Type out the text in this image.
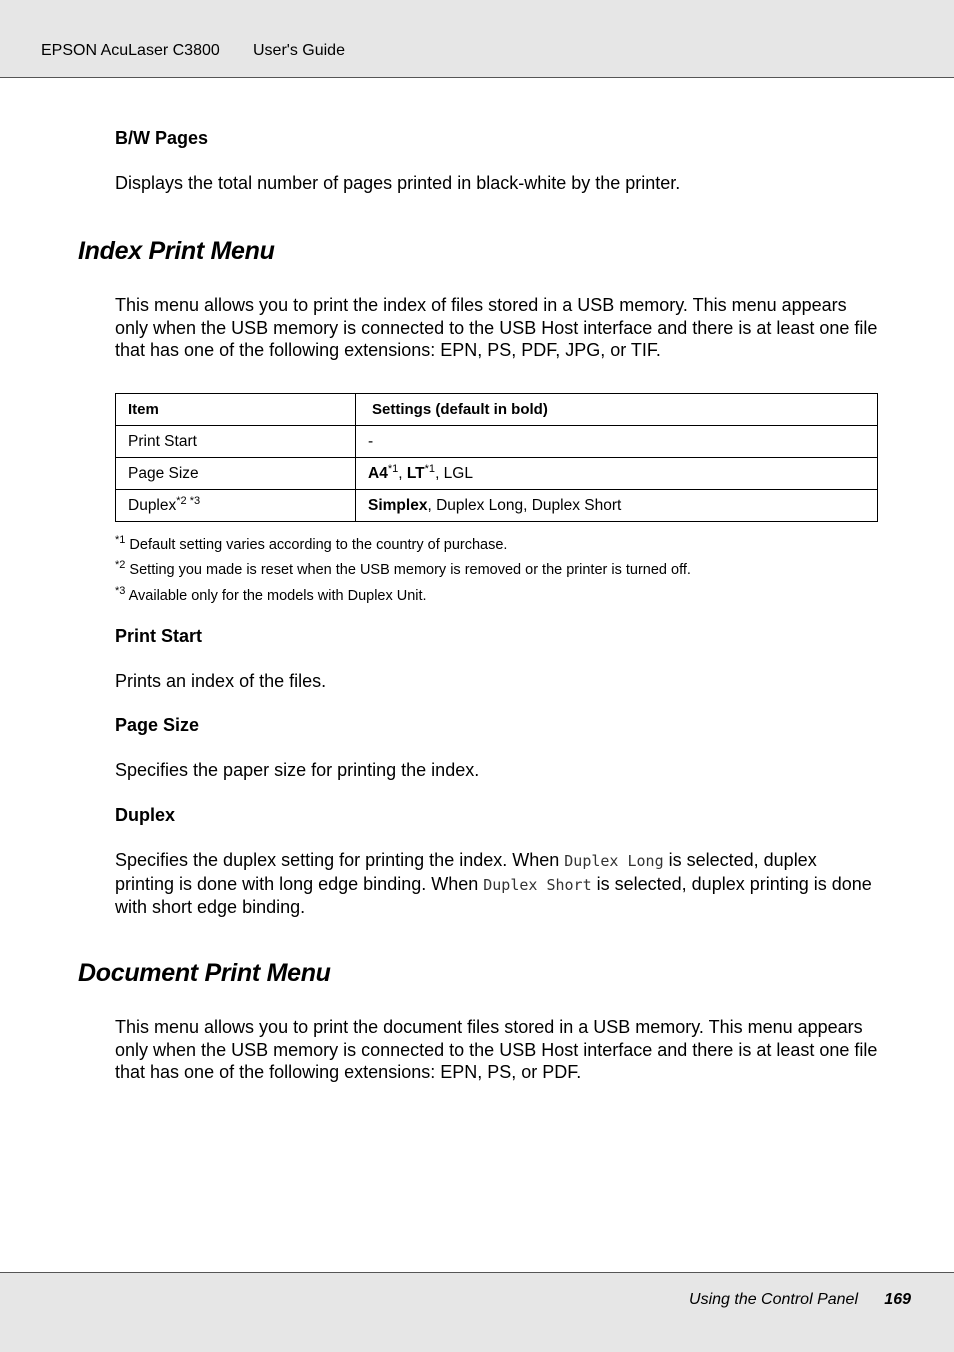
EPSON AcuLaser C3800 User's Guide
B/W Pages
Displays the total number of pages printed in black-white by the printer.
Index Print Menu
This menu allows you to print the index of files stored in a USB memory. This menu appears only when the USB memory is connected to the USB Host interface and there is at least one file that has one of the following extensions: EPN, PS, PDF, JPG, or TIF.
Item	Settings (default in bold)
Print Start	-
Page Size	A4$^{*1}$, LT$^{*1}$, LGL
Duplex$^{*2 *3}$	Simplex, Duplex Long, Duplex Short
$^{*1}$ Default setting varies according to the country of purchase.
$^{*2}$ Setting you made is reset when the USB memory is removed or the printer is turned off.
$^{*3}$ Available only for the models with Duplex Unit.
Print Start
Prints an index of the files.
Page Size
Specifies the paper size for printing the index.
Duplex
Specifies the duplex setting for printing the index. When Duplex Long is selected, duplex printing is done with long edge binding. When Duplex Short is selected, duplex printing is done with short edge binding.
Document Print Menu
This menu allows you to print the document files stored in a USB memory. This menu appears only when the USB memory is connected to the USB Host interface and there is at least one file that has one of the following extensions: EPN, PS, or PDF.
Using the Control Panel 169
